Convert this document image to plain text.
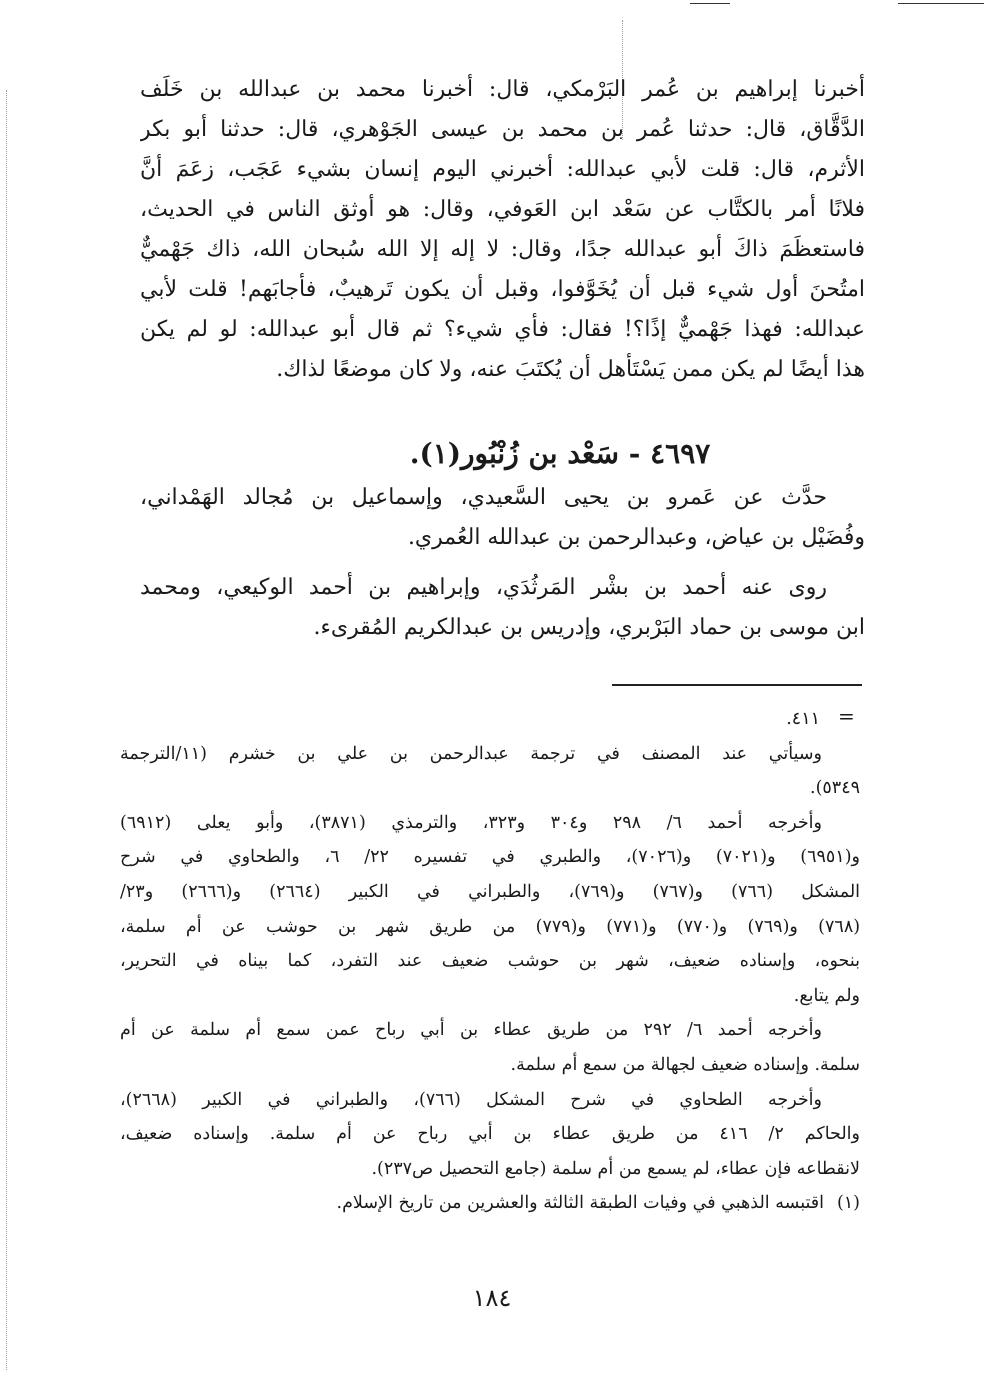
أخبرنا إبراهيم بن عُمر البَرْمكي، قال: أخبرنا محمد بن عبدالله بن خَلَف
الدَّقَّاق، قال: حدثنا عُمر بن محمد بن عيسى الجَوْهري، قال: حدثنا أبو بكر
الأثرم، قال: قلت لأبي عبدالله: أخبرني اليوم إنسان بشيء عَجَب، زعَمَ أنَّ
فلانًا أمر بالكتَّاب عن سَعْد ابن العَوفي، وقال: هو أوثق الناس في الحديث،
فاستعظَمَ ذاكَ أبو عبدالله جدًا، وقال: لا إله إلا الله سُبحان الله، ذاك جَهْميٌّ
امتُحنَ أول شيء قبل أن يُخَوَّفوا، وقبل أن يكون تَرهيبٌ، فأجابَهم! قلت لأبي
عبدالله: فهذا جَهْميٌّ إذًا؟! فقال: فأي شيء؟ ثم قال أبو عبدالله: لو لم يكن
هذا أيضًا لم يكن ممن يَسْتَأهل أن يُكتَبَ عنه، ولا كان موضعًا لذاك.
٤٦٩٧ - سَعْد بن زُنْبُور(١).
حدَّث عن عَمرو بن يحيى السَّعيدي، وإسماعيل بن مُجالد الهَمْداني،
وفُضَيْل بن عياض، وعبدالرحمن بن عبدالله العُمري.
روى عنه أحمد بن بشْر المَرثُدَي، وإبراهيم بن أحمد الوكيعي، ومحمد
ابن موسى بن حماد البَرْبري، وإدريس بن عبدالكريم المُقرىء.
=
٤١١.
وسيأتي عند المصنف في ترجمة عبدالرحمن بن علي بن خشرم (١١/الترجمة
٥٣٤٩).
وأخرجه أحمد ٦/ ٢٩٨ و٣٠٤ و٣٢٣، والترمذي (٣٨٧١)، وأبو يعلى (٦٩١٢)
و(٦٩٥١) و(٧٠٢١) و(٧٠٢٦)، والطبري في تفسيره ٢٢/ ٦، والطحاوي في شرح
المشكل (٧٦٦) و(٧٦٧) و(٧٦٩)، والطبراني في الكبير (٢٦٦٤) و(٢٦٦٦) و٢٣/
(٧٦٨) و(٧٦٩) و(٧٧٠) و(٧٧١) و(٧٧٩) من طريق شهر بن حوشب عن أم سلمة،
بنحوه، وإسناده ضعيف، شهر بن حوشب ضعيف عند التفرد، كما بيناه في التحرير،
ولم يتابع.
وأخرجه أحمد ٦/ ٢٩٢ من طريق عطاء بن أبي رباح عمن سمع أم سلمة عن أم
سلمة. وإسناده ضعيف لجهالة من سمع أم سلمة.
وأخرجه الطحاوي في شرح المشكل (٧٦٦)، والطبراني في الكبير (٢٦٦٨)،
والحاكم ٢/ ٤١٦ من طريق عطاء بن أبي رباح عن أم سلمة. وإسناده ضعيف،
لانقطاعه فإن عطاء، لم يسمع من أم سلمة (جامع التحصيل ص٢٣٧).
(١)اقتبسه الذهبي في وفيات الطبقة الثالثة والعشرين من تاريخ الإسلام.
١٨٤
